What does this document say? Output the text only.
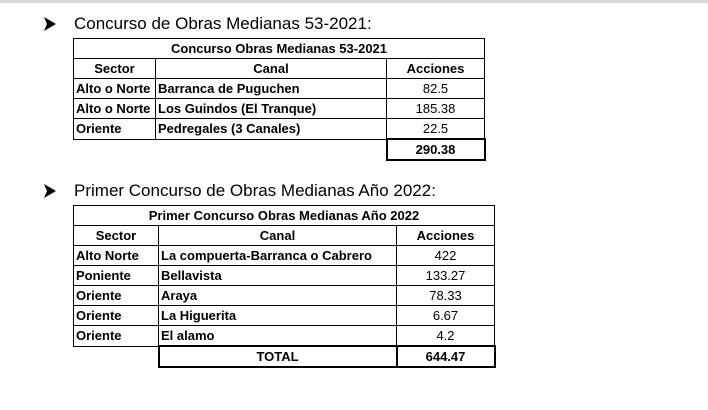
Concurso de Obras Medianas 53-2021:
Concurso Obras Medianas 53-2021		
Sector	Canal	Acciones
Alto o Norte	Barranca de Puguchen	82.5
Alto o Norte	Los Guindos (El Tranque)	185.38
Oriente	Pedregales (3 Canales)	22.5
		290.38
Primer Concurso de Obras Medianas Año 2022:
Primer Concurso Obras Medianas Año 2022		
Sector	Canal	Acciones
Alto Norte	La compuerta-Barranca o Cabrero	422
Poniente	Bellavista	133.27
Oriente	Araya	78.33
Oriente	La Higuerita	6.67
Oriente	El alamo	4.2
	TOTAL	644.47
